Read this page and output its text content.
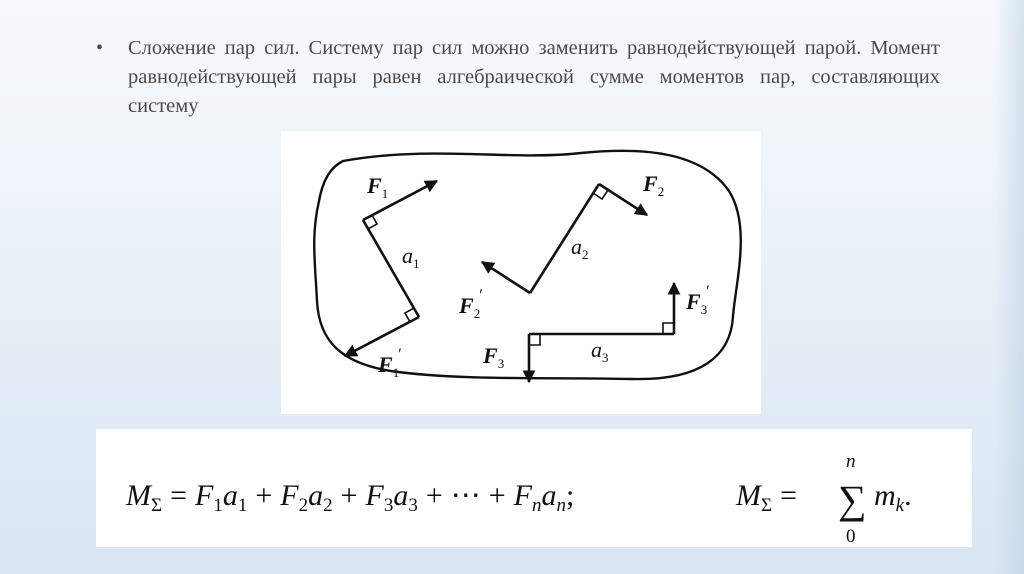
• Сложение пар сил. Систему пар сил можно заменить равнодействующей парой. Момент равнодействующей пары равен алгебраической сумме моментов пар, составляющих систему
$F_1$
$F_1'$
$F_2$
$F_2'$
$F_3$
$F_3'$
$a_1$
$a_2$
$a_3$
$M_\Sigma = F_1a_1 + F_2a_2 + F_3a_3$ + ⋯ + $F_na_n$;	$M_\Sigma$ = ∑
n
0
$m_k$.
